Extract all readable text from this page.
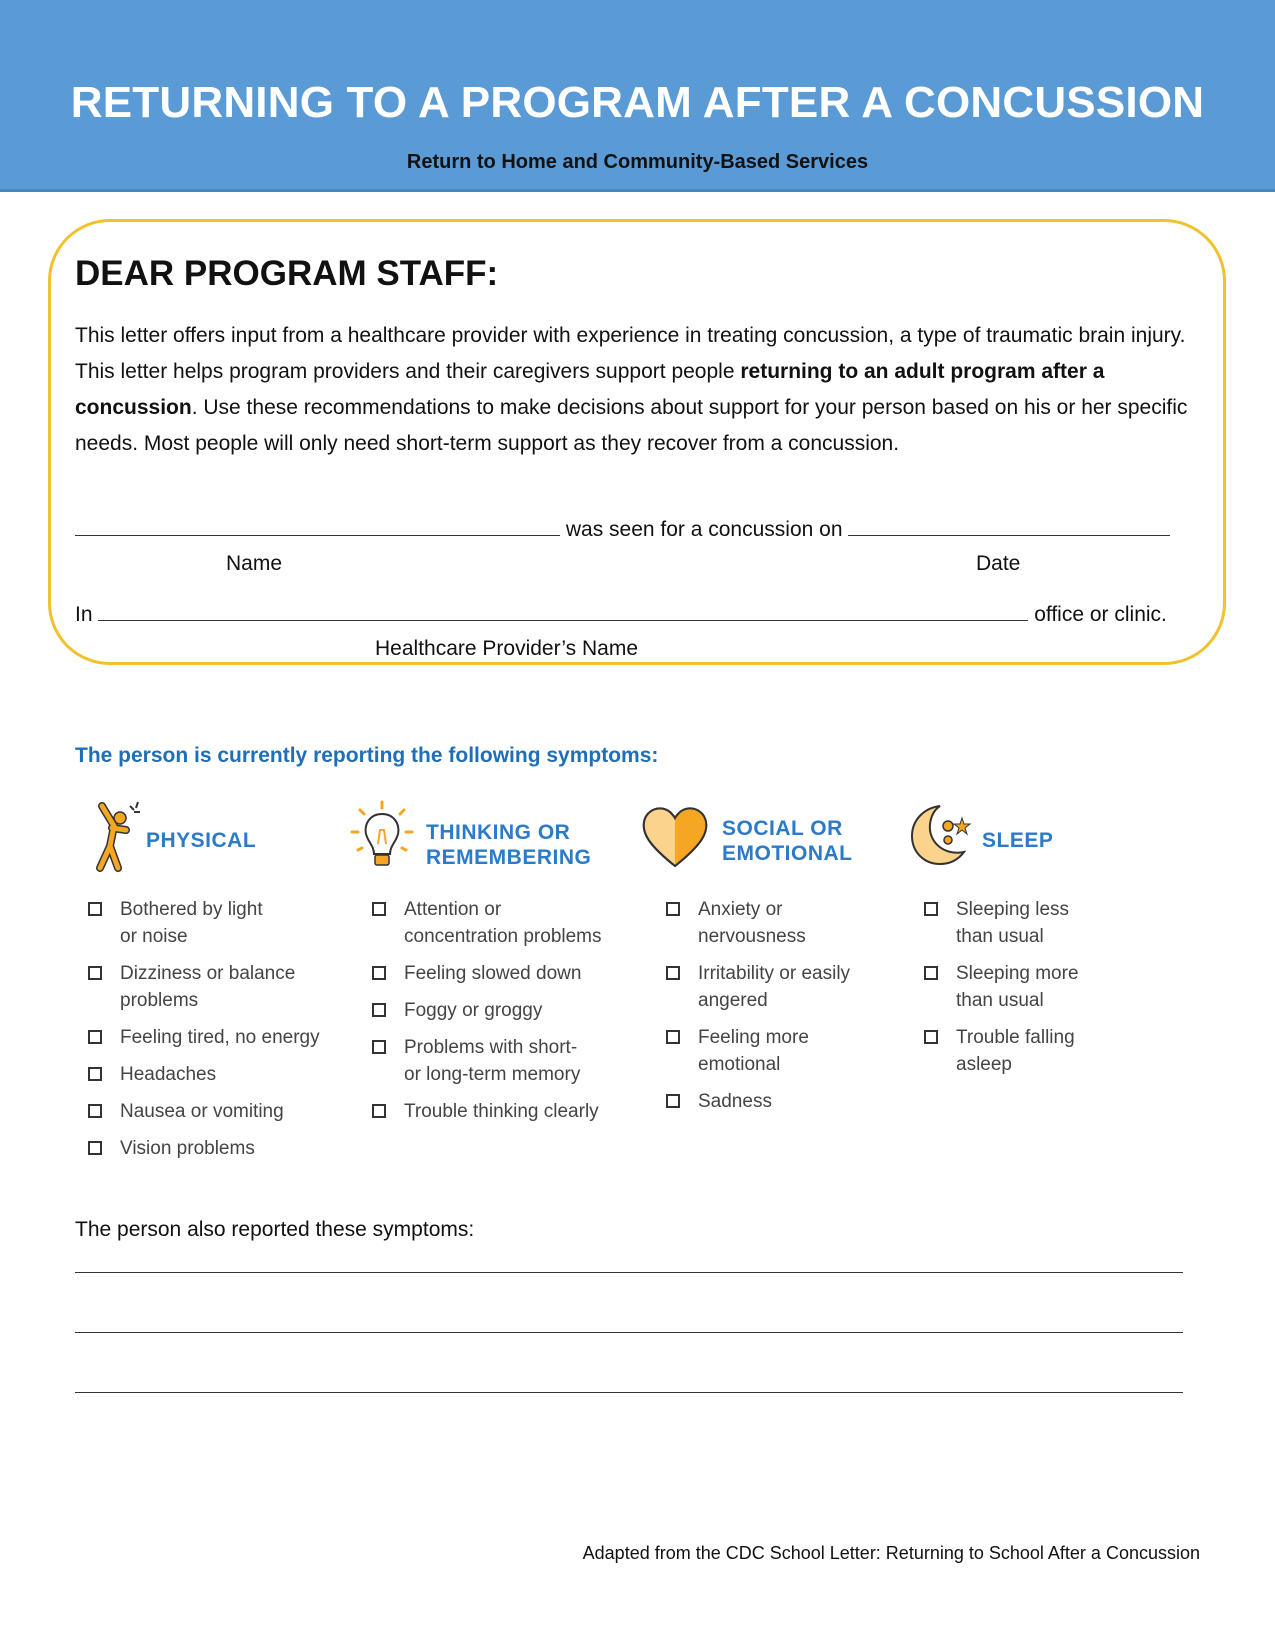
RETURNING TO A PROGRAM AFTER A CONCUSSION
Return to Home and Community-Based Services
DEAR PROGRAM STAFF:
This letter offers input from a healthcare provider with experience in treating concussion, a type of traumatic brain injury. This letter helps program providers and their caregivers support people returning to an adult program after a concussion. Use these recommendations to make decisions about support for your person based on his or her specific needs. Most people will only need short-term support as they recover from a concussion.
was seen for a concussion on
Name	Date
In	office or clinic.
Healthcare Provider’s Name
The person is currently reporting the following symptoms:
PHYSICAL
Bothered by light
or noise
Dizziness or balance
problems
Feeling tired, no energy
Headaches
Nausea or vomiting
Vision problems
THINKING OR
REMEMBERING
Attention or
concentration problems
Feeling slowed down
Foggy or groggy
Problems with short-
or long-term memory
Trouble thinking clearly
SOCIAL OR
EMOTIONAL
Anxiety or
nervousness
Irritability or easily
angered
Feeling more
emotional
Sadness
SLEEP
Sleeping less
than usual
Sleeping more
than usual
Trouble falling
asleep
The person also reported these symptoms:
Adapted from the CDC School Letter: Returning to School After a Concussion
